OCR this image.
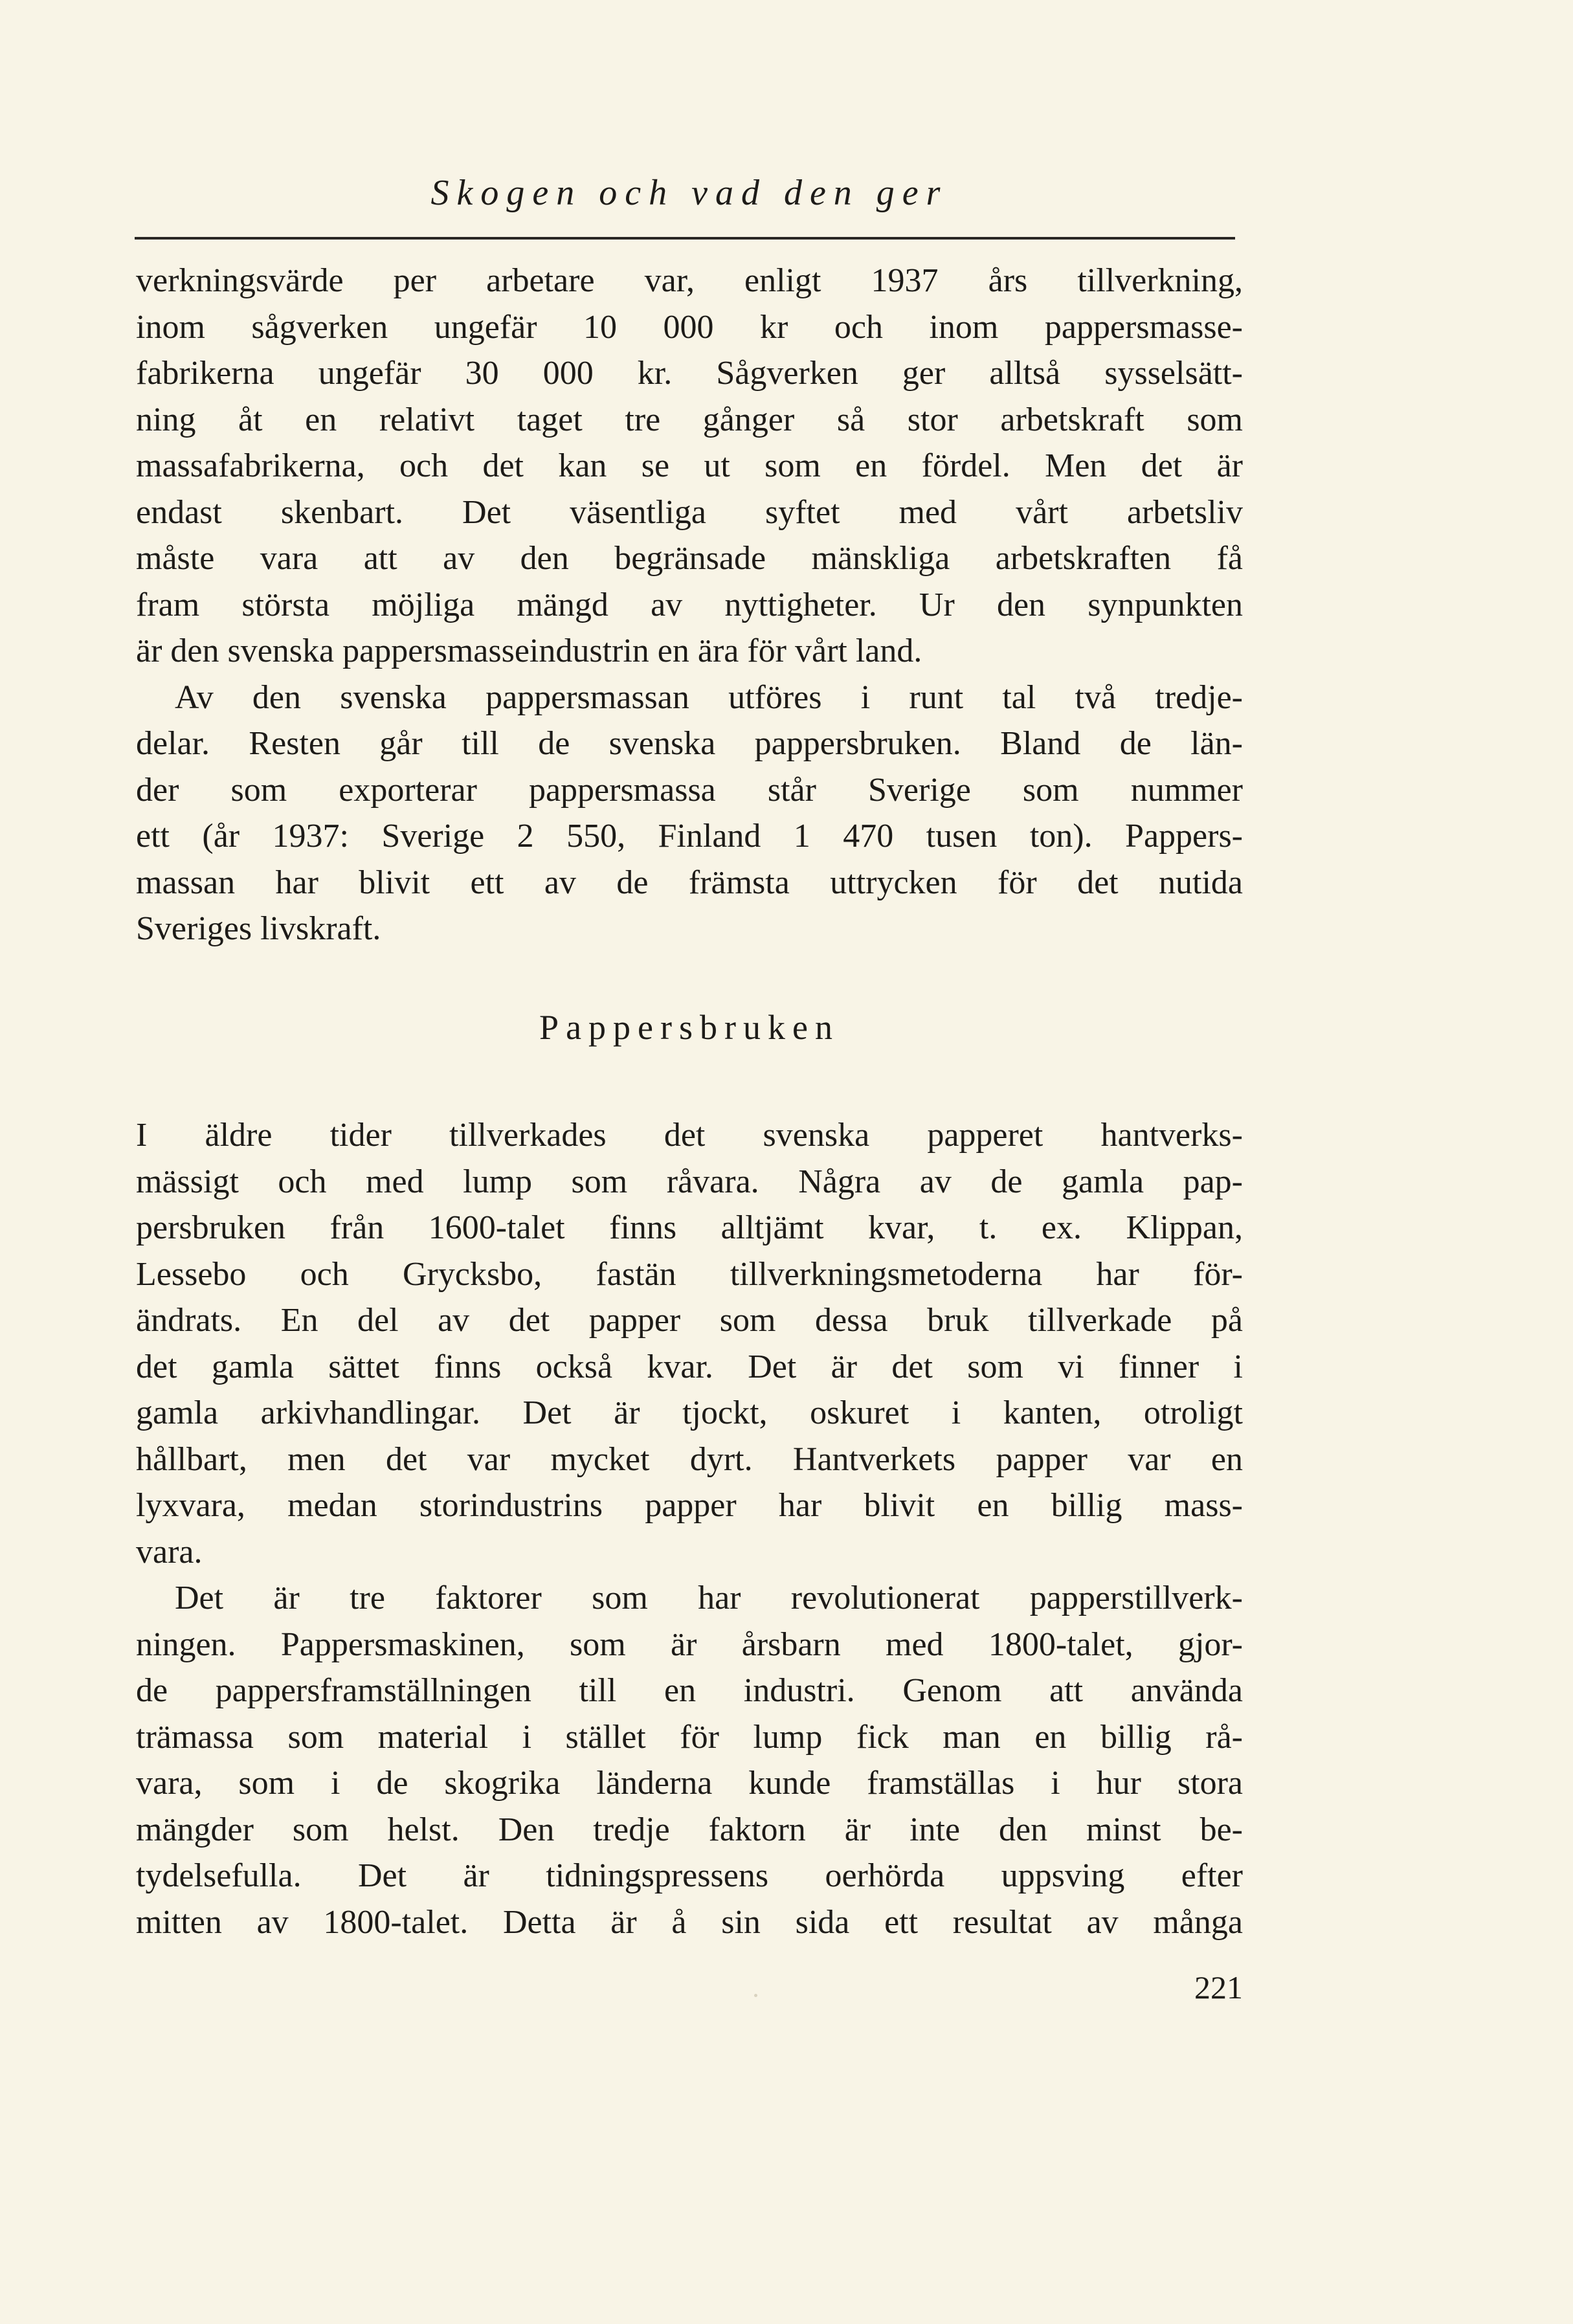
Skogen och vad den ger
verkningsvärde per arbetare var, enligt 1937 års tillverkning,
inom sågverken ungefär 10 000 kr och inom pappersmasse-
fabrikerna ungefär 30 000 kr. Sågverken ger alltså sysselsätt-
ning åt en relativt taget tre gånger så stor arbetskraft som
massafabrikerna, och det kan se ut som en fördel. Men det är
endast skenbart. Det väsentliga syftet med vårt arbetsliv
måste vara att av den begränsade mänskliga arbetskraften få
fram största möjliga mängd av nyttigheter. Ur den synpunkten
är den svenska pappersmasseindustrin en ära för vårt land.
Av den svenska pappersmassan utföres i runt tal två tredje-
delar. Resten går till de svenska pappersbruken. Bland de län-
der som exporterar pappersmassa står Sverige som nummer
ett (år 1937: Sverige 2 550, Finland 1 470 tusen ton). Pappers-
massan har blivit ett av de främsta uttrycken för det nutida
Sveriges livskraft.
Pappersbruken
I äldre tider tillverkades det svenska papperet hantverks-
mässigt och med lump som råvara. Några av de gamla pap-
persbruken från 1600-talet finns alltjämt kvar, t. ex. Klippan,
Lessebo och Grycksbo, fastän tillverkningsmetoderna har för-
ändrats. En del av det papper som dessa bruk tillverkade på
det gamla sättet finns också kvar. Det är det som vi finner i
gamla arkivhandlingar. Det är tjockt, oskuret i kanten, otroligt
hållbart, men det var mycket dyrt. Hantverkets papper var en
lyxvara, medan storindustrins papper har blivit en billig mass-
vara.
Det är tre faktorer som har revolutionerat papperstillverk-
ningen. Pappersmaskinen, som är årsbarn med 1800-talet, gjor-
de pappersframställningen till en industri. Genom att använda
trämassa som material i stället för lump fick man en billig rå-
vara, som i de skogrika länderna kunde framställas i hur stora
mängder som helst. Den tredje faktorn är inte den minst be-
tydelsefulla. Det är tidningspressens oerhörda uppsving efter
mitten av 1800-talet. Detta är å sin sida ett resultat av många
221
